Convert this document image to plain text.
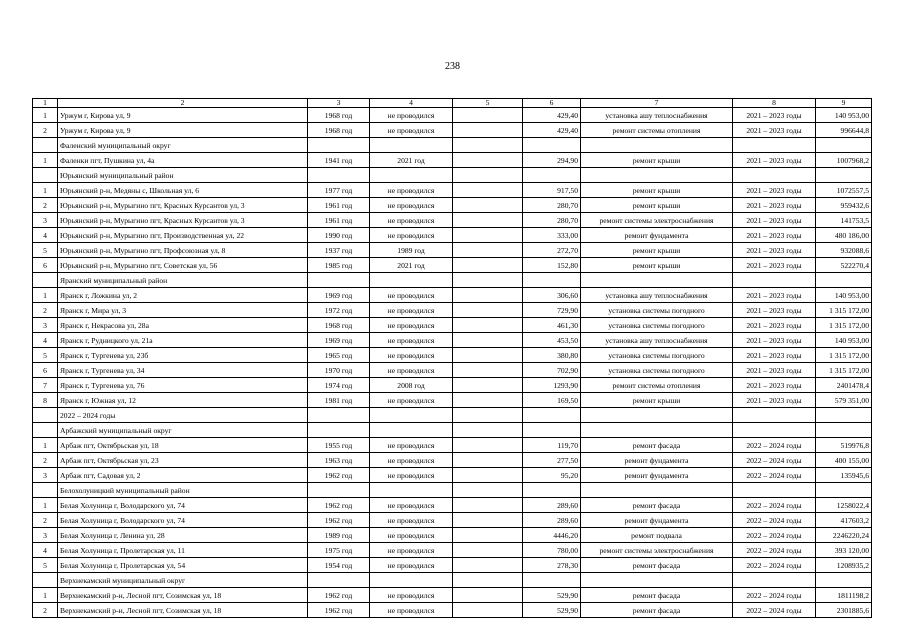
238
1	2	3	4	5	6	7	8	9
1	Уржум г, Кирова ул, 9	1968 год	не проводился		429,40	установка ашу теплоснабжения	2021 – 2023 годы	140 953,00
2	Уржум г, Кирова ул, 9	1968 год	не проводился		429,40	ремонт системы отопления	2021 – 2023 годы	996644,8
	Фаленский муниципальный округ							
1	Фаленки пгт, Пушкина ул, 4а	1941 год	2021 год		294,90	ремонт крыши	2021 – 2023 годы	1007968,2
	Юрьянский муниципальный район							
1	Юрьянский р-н, Медяны с, Школьная ул, 6	1977 год	не проводился		917,50	ремонт крыши	2021 – 2023 годы	1072557,5
2	Юрьянский р-н, Мурыгино пгт, Красных Курсантов ул, 3	1961 год	не проводился		280,70	ремонт крыши	2021 – 2023 годы	959432,6
3	Юрьянский р-н, Мурыгино пгт, Красных Курсантов ул, 3	1961 год	не проводился		280,70	ремонт системы электроснабжения	2021 – 2023 годы	141753,5
4	Юрьянский р-н, Мурыгино пгт, Производственная ул, 22	1990 год	не проводился		333,00	ремонт фундамента	2021 – 2023 годы	480 186,00
5	Юрьянский р-н, Мурыгино пгт, Профсоюзная ул, 8	1937 год	1989 год		272,70	ремонт крыши	2021 – 2023 годы	932088,6
6	Юрьянский р-н, Мурыгино пгт, Советская ул, 56	1985 год	2021 год		152,80	ремонт крыши	2021 – 2023 годы	522270,4
	Яранский муниципальный район							
1	Яранск г, Ложкина ул, 2	1969 год	не проводился		306,60	установка ашу теплоснабжения	2021 – 2023 годы	140 953,00
2	Яранск г, Мира ул, 3	1972 год	не проводился		729,90	установка системы погодного	2021 – 2023 годы	1 315 172,00
3	Яранск г, Некрасова ул, 28а	1968 год	не проводился		461,30	установка системы погодного	2021 – 2023 годы	1 315 172,00
4	Яранск г, Рудницкого ул, 21а	1969 год	не проводился		453,50	установка ашу теплоснабжения	2021 – 2023 годы	140 953,00
5	Яранск г, Тургенева ул, 23б	1965 год	не проводился		380,80	установка системы погодного	2021 – 2023 годы	1 315 172,00
6	Яранск г, Тургенева ул, 34	1970 год	не проводился		702,90	установка системы погодного	2021 – 2023 годы	1 315 172,00
7	Яранск г, Тургенева ул, 76	1974 год	2008 год		1293,90	ремонт системы отопления	2021 – 2023 годы	2401478,4
8	Яранск г, Южная ул, 12	1981 год	не проводился		169,50	ремонт крыши	2021 – 2023 годы	579 351,00
	2022 – 2024 годы							
	Арбажский муниципальный округ							
1	Арбаж пгт, Октябрьская ул, 18	1955 год	не проводился		119,70	ремонт фасада	2022 – 2024 годы	519976,8
2	Арбаж пгт, Октябрьская ул, 23	1963 год	не проводился		277,50	ремонт фундамента	2022 – 2024 годы	400 155,00
3	Арбаж пгт, Садовая ул, 2	1962 год	не проводился		95,20	ремонт фундамента	2022 – 2024 годы	135945,6
	Белохолуницкий муниципальный район							
1	Белая Холуница г, Володарского ул, 74	1962 год	не проводился		289,60	ремонт фасада	2022 – 2024 годы	1258022,4
2	Белая Холуница г, Володарского ул, 74	1962 год	не проводился		289,60	ремонт фундамента	2022 – 2024 годы	417603,2
3	Белая Холуница г, Ленина ул, 28	1989 год	не проводился		4446,20	ремонт подвала	2022 – 2024 годы	2246220,24
4	Белая Холуница г, Пролетарская ул, 11	1975 год	не проводился		780,00	ремонт системы электроснабжения	2022 – 2024 годы	393 120,00
5	Белая Холуница г, Пролетарская ул, 54	1954 год	не проводился		278,30	ремонт фасада	2022 – 2024 годы	1208935,2
	Верхнекамский муниципальный округ							
1	Верхнекамский р-н, Лесной пгт, Созимская ул, 18	1962 год	не проводился		529,90	ремонт фасада	2022 – 2024 годы	1811198,2
2	Верхнекамский р-н, Лесной пгт, Созимская ул, 18	1962 год	не проводился		529,90	ремонт фасада	2022 – 2024 годы	2301885,6
